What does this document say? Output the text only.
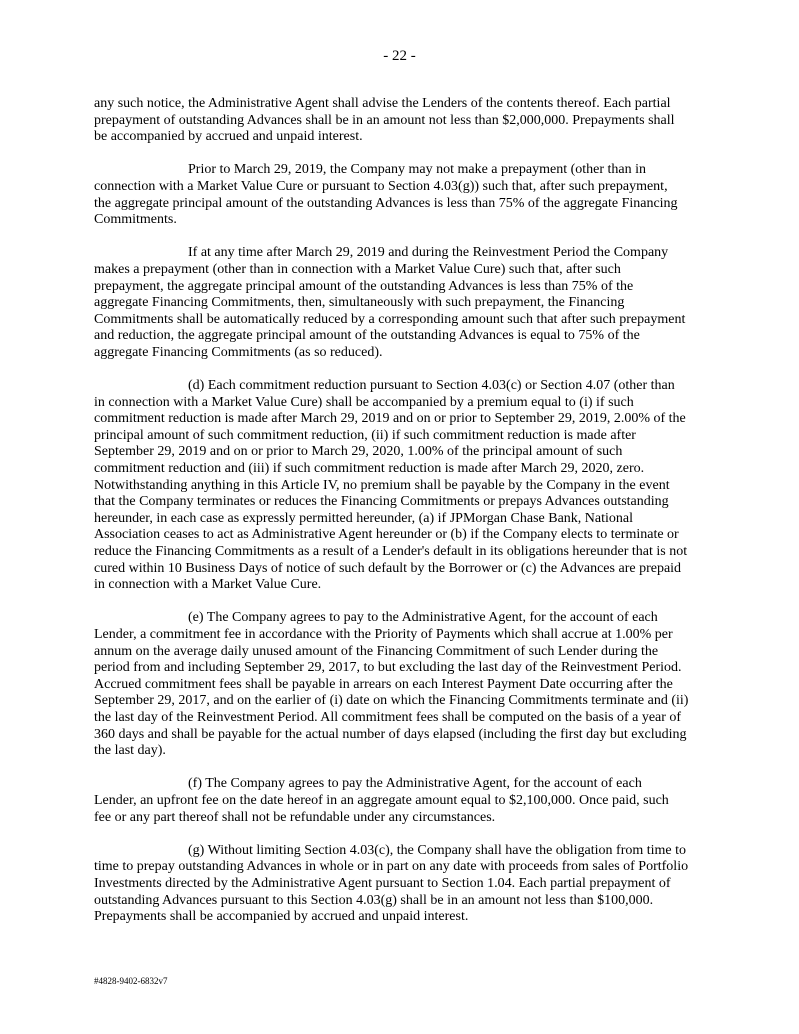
- 22 -

any such notice, the Administrative Agent shall advise the Lenders of the contents thereof. Each partial
prepayment of outstanding Advances shall be in an amount not less than $2,000,000. Prepayments shall
be accompanied by accrued and unpaid interest.

Prior to March 29, 2019, the Company may not make a prepayment (other than in
connection with a Market Value Cure or pursuant to Section 4.03(g)) such that, after such prepayment,
the aggregate principal amount of the outstanding Advances is less than 75% of the aggregate Financing
Commitments.

If at any time after March 29, 2019 and during the Reinvestment Period the Company
makes a prepayment (other than in connection with a Market Value Cure) such that, after such
prepayment, the aggregate principal amount of the outstanding Advances is less than 75% of the
aggregate Financing Commitments, then, simultaneously with such prepayment, the Financing
Commitments shall be automatically reduced by a corresponding amount such that after such prepayment
and reduction, the aggregate principal amount of the outstanding Advances is equal to 75% of the
aggregate Financing Commitments (as so reduced).

(d) Each commitment reduction pursuant to Section 4.03(c) or Section 4.07 (other than
in connection with a Market Value Cure) shall be accompanied by a premium equal to (i) if such
commitment reduction is made after March 29, 2019 and on or prior to September 29, 2019, 2.00% of the
principal amount of such commitment reduction, (ii) if such commitment reduction is made after
September 29, 2019 and on or prior to March 29, 2020, 1.00% of the principal amount of such
commitment reduction and (iii) if such commitment reduction is made after March 29, 2020, zero.
Notwithstanding anything in this Article IV, no premium shall be payable by the Company in the event
that the Company terminates or reduces the Financing Commitments or prepays Advances outstanding
hereunder, in each case as expressly permitted hereunder, (a) if JPMorgan Chase Bank, National
Association ceases to act as Administrative Agent hereunder or (b) if the Company elects to terminate or
reduce the Financing Commitments as a result of a Lender's default in its obligations hereunder that is not
cured within 10 Business Days of notice of such default by the Borrower or (c) the Advances are prepaid
in connection with a Market Value Cure.

(e) The Company agrees to pay to the Administrative Agent, for the account of each
Lender, a commitment fee in accordance with the Priority of Payments which shall accrue at 1.00% per
annum on the average daily unused amount of the Financing Commitment of such Lender during the
period from and including September 29, 2017, to but excluding the last day of the Reinvestment Period.
Accrued commitment fees shall be payable in arrears on each Interest Payment Date occurring after the
September 29, 2017, and on the earlier of (i) date on which the Financing Commitments terminate and (ii)
the last day of the Reinvestment Period. All commitment fees shall be computed on the basis of a year of
360 days and shall be payable for the actual number of days elapsed (including the first day but excluding
the last day).

(f) The Company agrees to pay the Administrative Agent, for the account of each
Lender, an upfront fee on the date hereof in an aggregate amount equal to $2,100,000. Once paid, such
fee or any part thereof shall not be refundable under any circumstances.

(g) Without limiting Section 4.03(c), the Company shall have the obligation from time to
time to prepay outstanding Advances in whole or in part on any date with proceeds from sales of Portfolio
Investments directed by the Administrative Agent pursuant to Section 1.04. Each partial prepayment of
outstanding Advances pursuant to this Section 4.03(g) shall be in an amount not less than $100,000.
Prepayments shall be accompanied by accrued and unpaid interest.

#4828-9402-6832v7
